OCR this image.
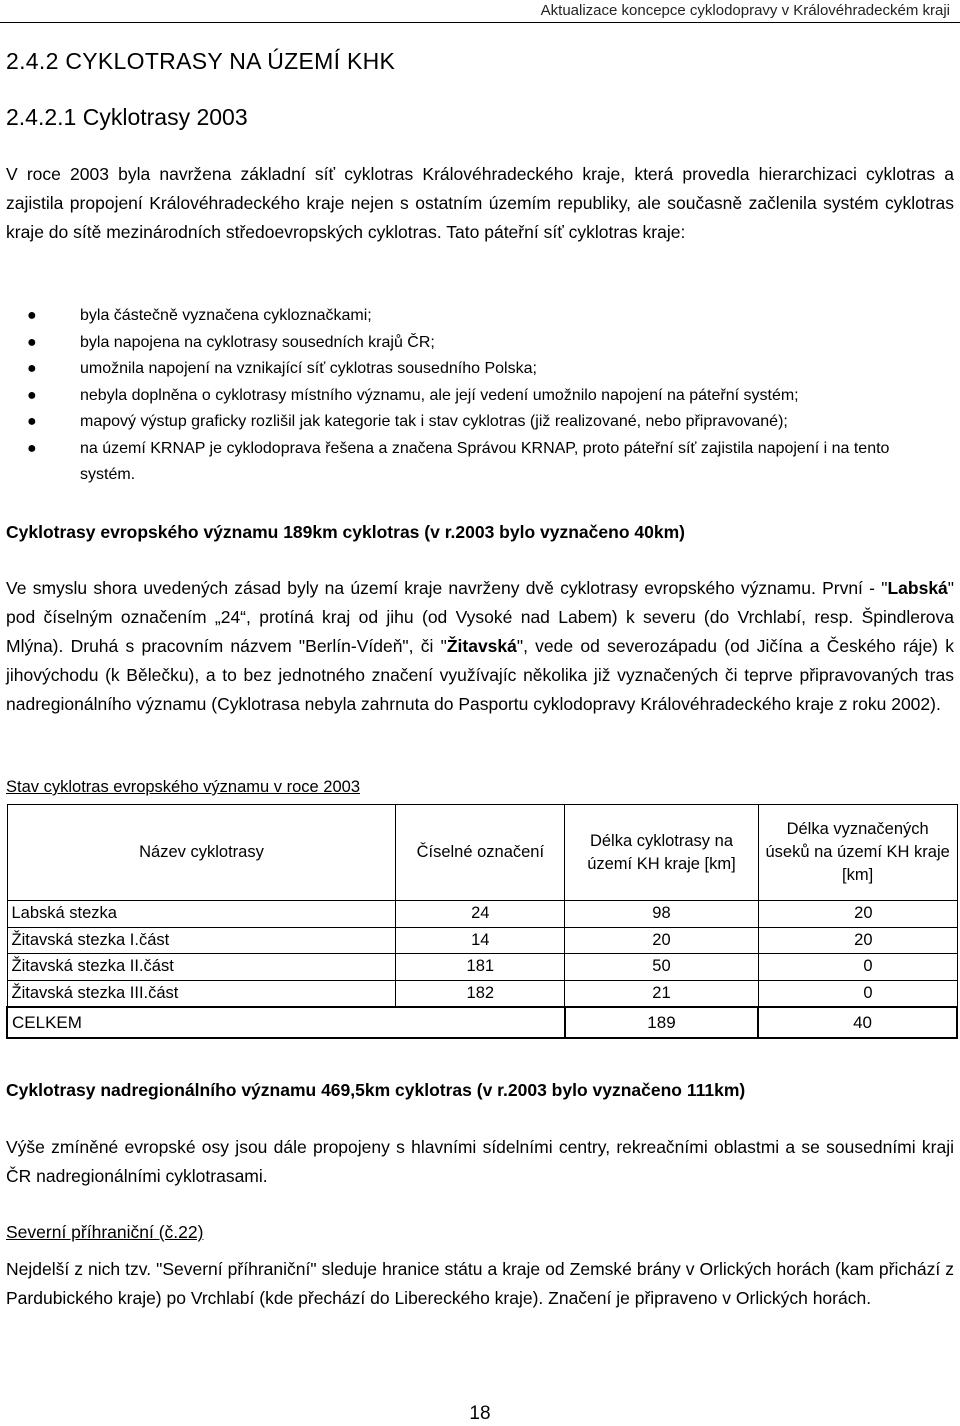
Aktualizace koncepce cyklodopravy v Královéhradeckém kraji
2.4.2 CYKLOTRASY NA ÚZEMÍ KHK
2.4.2.1 Cyklotrasy 2003

V roce 2003 byla navržena základní síť cyklotras Královéhradeckého kraje, která provedla hierarchizaci cyklotras a zajistila propojení Královéhradeckého kraje nejen s ostatním územím republiky, ale současně začlenila systém cyklotras kraje do sítě mezinárodních středoevropských cyklotras. Tato páteřní síť cyklotras kraje:

●	byla částečně vyznačena cykloznačkami;
●	byla napojena na cyklotrasy sousedních krajů ČR;
●	umožnila napojení na vznikající síť cyklotras sousedního Polska;
●	nebyla doplněna o cyklotrasy místního významu, ale její vedení umožnilo napojení na páteřní systém;
●	mapový výstup graficky rozlišil jak kategorie tak i stav cyklotras (již realizované, nebo připravované);
●	na území KRNAP je cyklodoprava řešena a značena Správou KRNAP, proto páteřní síť zajistila napojení i na tento systém.

Cyklotrasy evropského významu 189km cyklotras (v r.2003 bylo vyznačeno 40km)

Ve smyslu shora uvedených zásad byly na území kraje navrženy dvě cyklotrasy evropského významu. První - "Labská" pod číselným označením „24“, protíná kraj od jihu (od Vysoké nad Labem) k severu (do Vrchlabí, resp. Špindlerova Mlýna). Druhá s pracovním názvem "Berlín-Vídeň", či "Žitavská", vede od severozápadu (od Jičína a Českého ráje) k jihovýchodu (k Bělečku), a to bez jednotného značení využívajíc několika již vyznačených či teprve připravovaných tras nadregionálního významu (Cyklotrasa nebyla zahrnuta do Pasportu cyklodopravy Královéhradeckého kraje z roku 2002).

Stav cyklotras evropského významu v roce 2003

Název cyklotrasy	Číselné označení	Délka cyklotrasy na území KH kraje [km]	Délka vyznačených úseků na území KH kraje [km]
Labská stezka	24	98	20
Žitavská stezka I.část	14	20	20
Žitavská stezka II.část	181	50	0
Žitavská stezka III.část	182	21	0
CELKEM		189	40

Cyklotrasy nadregionálního významu 469,5km cyklotras (v r.2003 bylo vyznačeno 111km)

Výše zmíněné evropské osy jsou dále propojeny s hlavními sídelními centry, rekreačními oblastmi a se sousedními kraji ČR nadregionálními cyklotrasami.

Severní příhraniční (č.22)

Nejdelší z nich tzv. "Severní příhraniční" sleduje hranice státu a kraje od Zemské brány v Orlických horách (kam přichází z Pardubického kraje) po Vrchlabí (kde přechází do Libereckého kraje). Značení je připraveno v Orlických horách.

18
